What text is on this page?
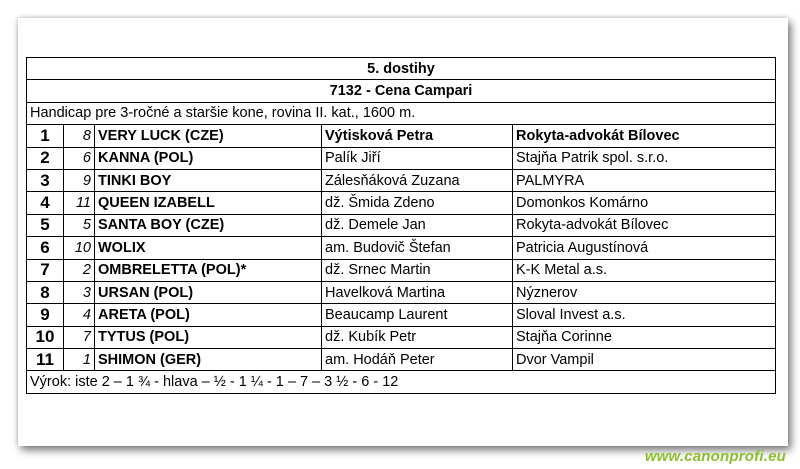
5. dostihy				
7132 - Cena Campari				
Handicap pre 3-ročné a staršie kone, rovina II. kat., 1600 m.				
1	8	VERY LUCK (CZE)	Výtisková Petra	Rokyta-advokát Bílovec
2	6	KANNA (POL)	Palík Jiří	Stajňa Patrik spol. s.r.o.
3	9	TINKI BOY	Zálesňáková Zuzana	PALMYRA
4	11	QUEEN IZABELL	dž. Šmida Zdeno	Domonkos Komárno
5	5	SANTA BOY (CZE)	dž. Demele Jan	Rokyta-advokát Bílovec
6	10	WOLIX	am. Budovič Štefan	Patricia Augustínová
7	2	OMBRELETTA (POL)*	dž. Srnec Martin	K-K Metal a.s.
8	3	URSAN (POL)	Havelková Martina	Nýznerov
9	4	ARETA (POL)	Beaucamp Laurent	Sloval Invest a.s.
10	7	TYTUS (POL)	dž. Kubík Petr	Stajňa Corinne
11	1	SHIMON (GER)	am. Hodáň Peter	Dvor Vampil
Výrok: iste 2 – 1 ¾ - hlava – ½ - 1 ¼ - 1 – 7 – 3 ½ - 6 - 12				
www.canonprofi.eu
